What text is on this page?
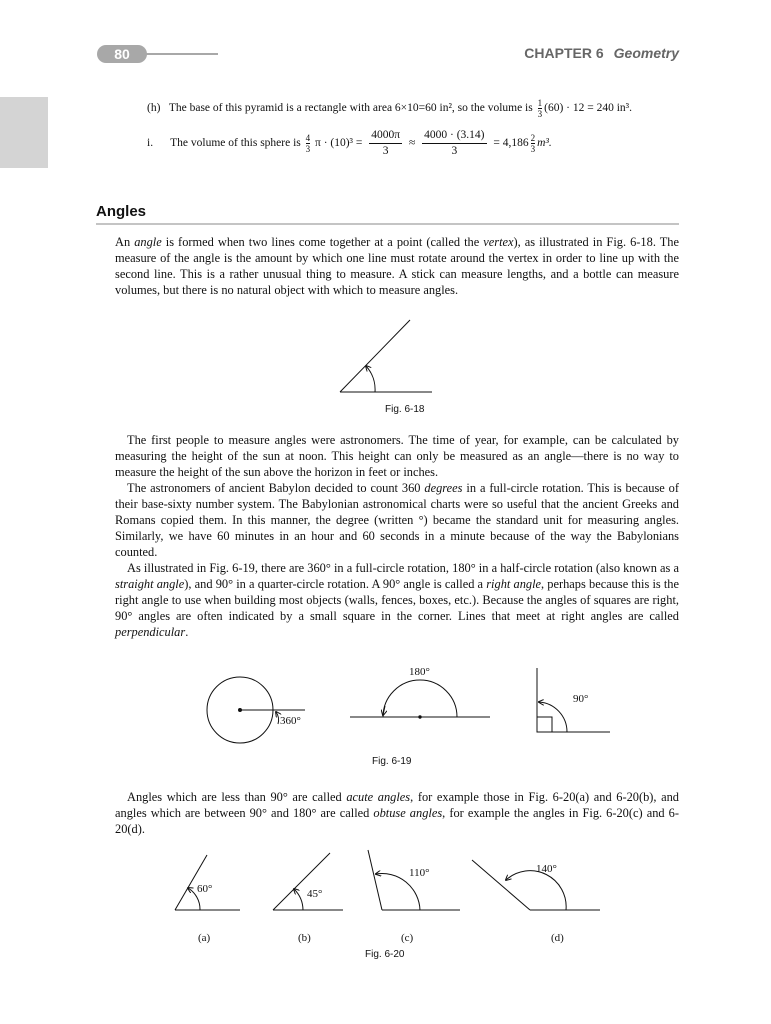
80	CHAPTER 6 Geometry
(h) The base of this pyramid is a rectangle with area 6×10=60 in², so the volume is $\frac{1}{3} (60) \cdot 12 = 240$ in³.
i. The volume of this sphere is $\frac{4}{3}$ $\pi \cdot (10)^3 = \frac{4000\pi}{3} \approx \frac{4000 \cdot (3.14)}{3} = 4,186 \frac{2}{3} m^3$.
Angles

An angle is formed when two lines come together at a point (called the vertex), as illustrated in Fig. 6-18. The measure of the angle is the amount by which one line must rotate around the vertex in order to line up with the second line. This is a rather unusual thing to measure. A stick can measure lengths, and a bottle can measure volumes, but there is no natural object with which to measure angles.

The first people to measure angles were astronomers. The time of year, for example, can be calculated by measuring the height of the sun at noon. This height can only be measured as an angle—there is no way to measure the height of the sun above the horizon in feet or inches.

The astronomers of ancient Babylon decided to count 360 degrees in a full-circle rotation. This is because of their base-sixty number system. The Babylonian astronomical charts were so useful that the ancient Greeks and Romans copied them. In this manner, the degree (written °) became the standard unit for measuring angles. Similarly, we have 60 minutes in an hour and 60 seconds in a minute because of the way the Babylonians counted.

As illustrated in Fig. 6-19, there are 360° in a full-circle rotation, 180° in a half-circle rotation (also known as a straight angle), and 90° in a quarter-circle rotation. A 90° angle is called a right angle, perhaps because this is the right angle to use when building most objects (walls, fences, boxes, etc.). Because the angles of squares are right, 90° angles are often indicated by a small square in the corner. Lines that meet at right angles are called perpendicular.

Angles which are less than 90° are called acute angles, for example those in Fig. 6-20(a) and 6-20(b), and angles which are between 90° and 180° are called obtuse angles, for example the angles in Fig. 6-20(c) and 6-20(d).

Fig. 6-18
360°
180°
90°
Fig. 6-19
60°	45°
110°	140°
(a)	(b)	(c)	(d)
Fig. 6-20
